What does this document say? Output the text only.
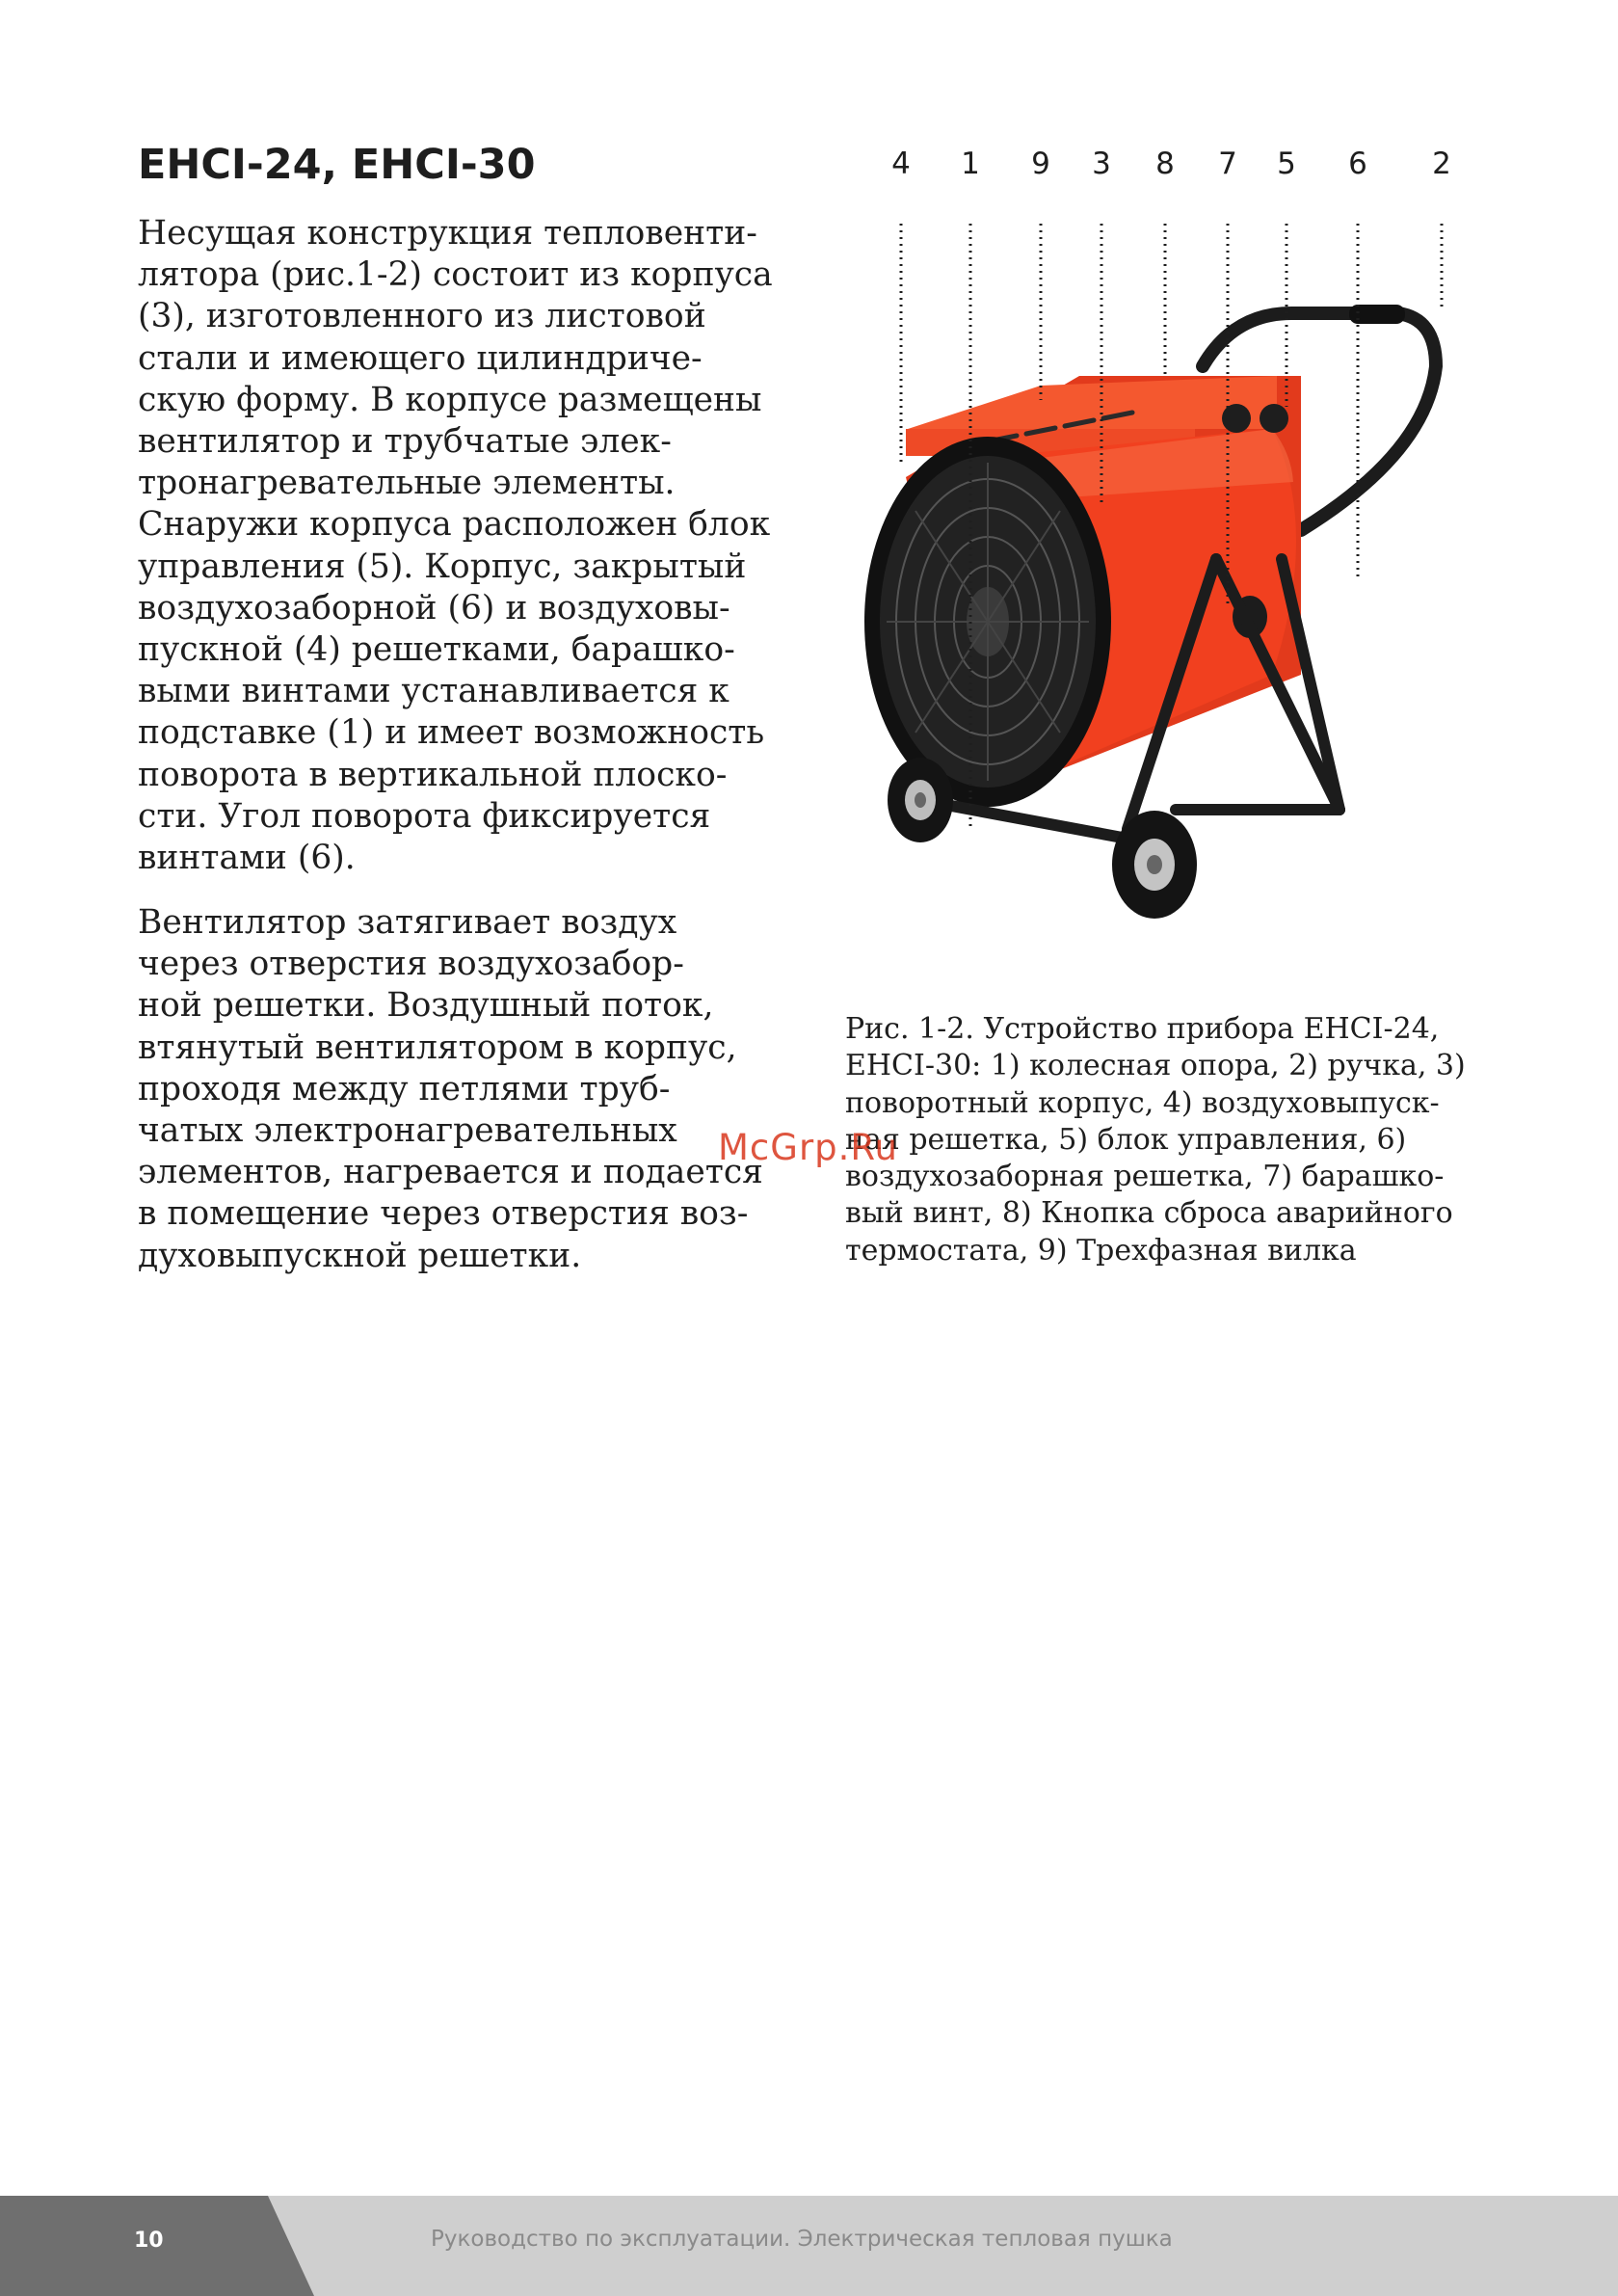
EHCI-24, EHCI-30
Несущая конструкция тепловенти-
лятора (рис.1-2) состоит из корпуса
(3), изготовленного из листовой
стали и имеющего цилиндриче-
скую форму. В корпусе размещены
вентилятор и трубчатые элек-
тронагревательные элементы.
Снаружи корпуса расположен блок
управления (5). Корпус, закрытый
воздухозаборной (6) и воздуховы-
пускной (4) решетками, барашко-
выми винтами устанавливается к
подставке (1) и имеет возможность
поворота в вертикальной плоско-
сти. Угол поворота фиксируется
винтами (6).
Вентилятор затягивает воздух
через отверстия воздухозабор-
ной решетки. Воздушный поток,
втянутый вентилятором в корпус,
проходя между петлями труб-
чатых электронагревательных
элементов, нагревается и подается
в помещение через отверстия воз-
духовыпускной решетки.
4 1 9 3 8 7 5 6 2
Рис. 1-2. Устройство прибора EHCI-24,
EHCI-30: 1) колесная опора, 2) ручка, 3)
поворотный корпус, 4) воздуховыпуск-
ная решетка, 5) блок управления, 6)
воздухозаборная решетка, 7) барашко-
вый винт, 8) Кнопка сброса аварийного
термостата, 9) Трехфазная вилка
McGrp.Ru
10	Руководство по эксплуатации. Электрическая тепловая пушка
